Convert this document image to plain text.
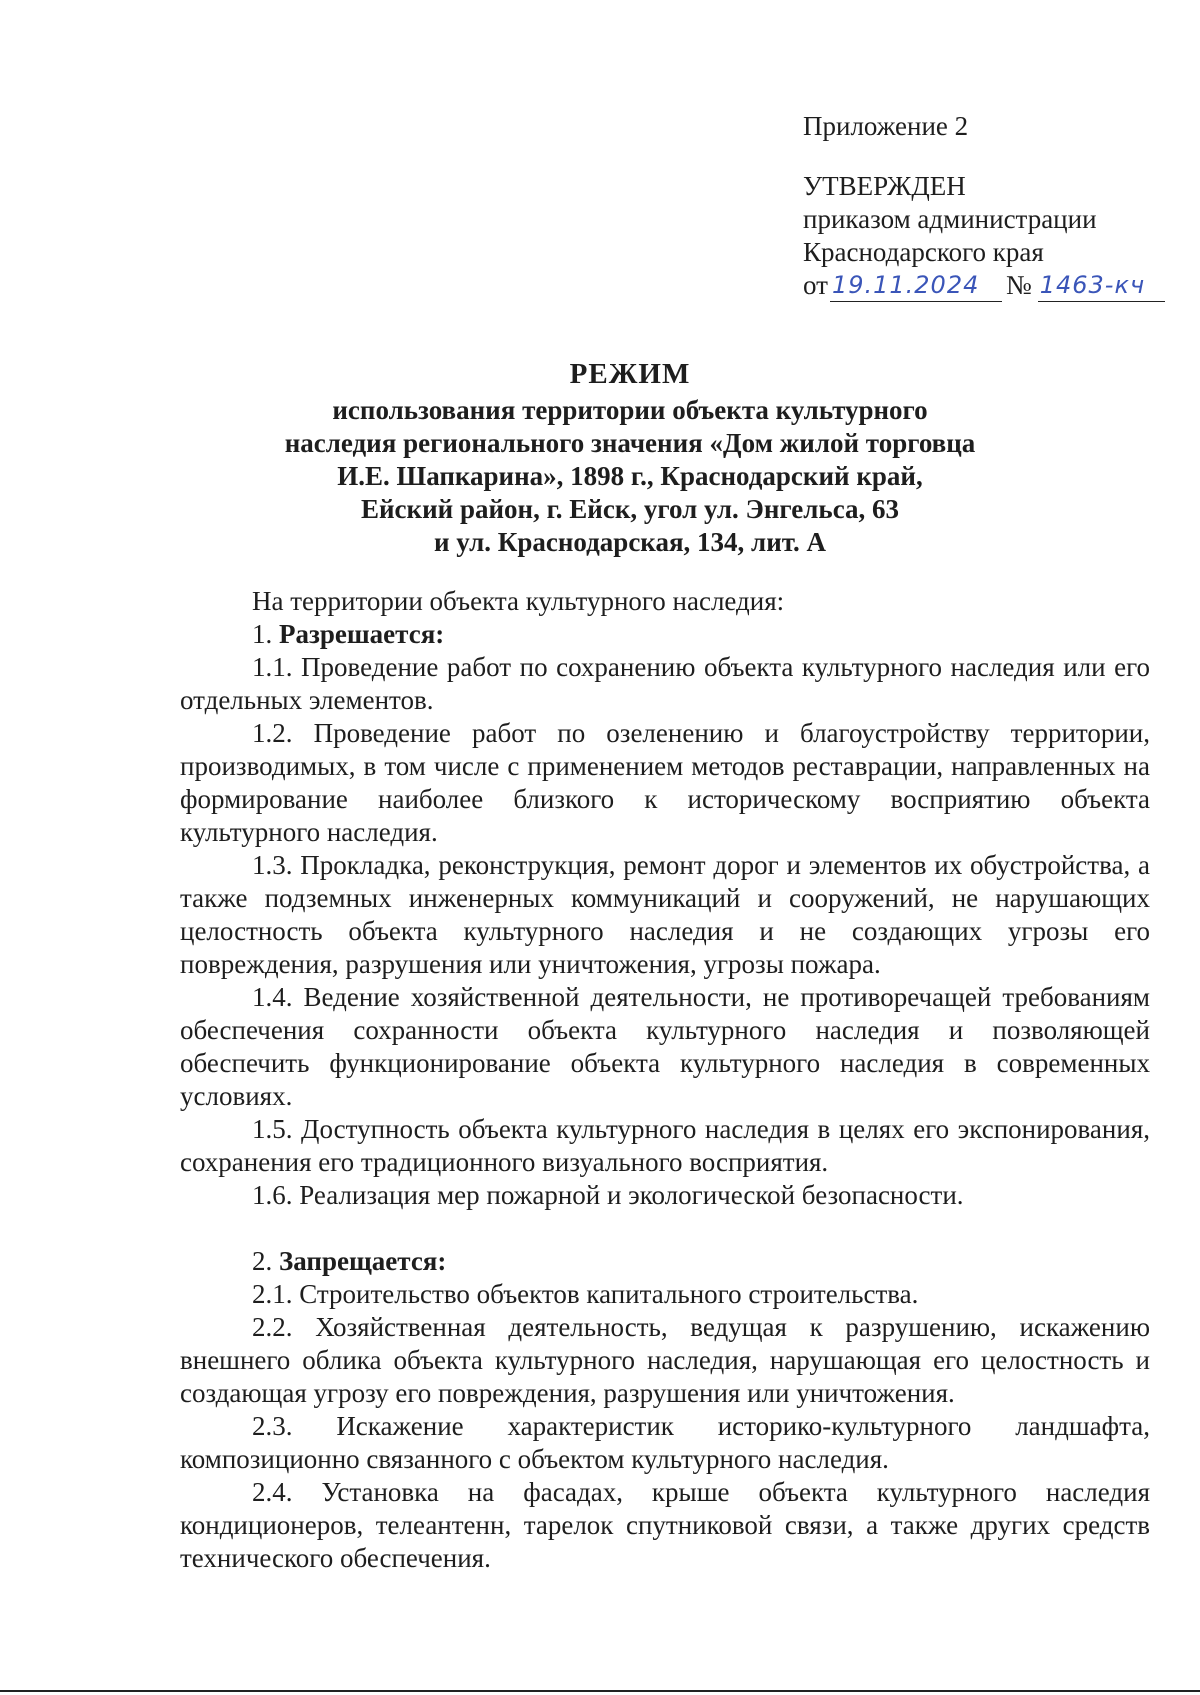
Приложение 2
УТВЕРЖДЕН
приказом администрации
Краснодарского края
от 19.11.2024 № 1463-кч
РЕЖИМ
использования территории объекта культурного
наследия регионального значения «Дом жилой торговца
И.Е. Шапкарина», 1898 г., Краснодарский край,
Ейский район, г. Ейск, угол ул. Энгельса, 63
и ул. Краснодарская, 134, лит. А

На территории объекта культурного наследия:

1. Разрешается:

1.1. Проведение работ по сохранению объекта культурного наследия или его отдельных элементов.

1.2. Проведение работ по озеленению и благоустройству территории, производимых, в том числе с применением методов реставрации, направленных на формирование наиболее близкого к историческому восприятию объекта культурного наследия.

1.3. Прокладка, реконструкция, ремонт дорог и элементов их обустройства, а также подземных инженерных коммуникаций и сооружений, не нарушающих целостность объекта культурного наследия и не создающих угрозы его повреждения, разрушения или уничтожения, угрозы пожара.

1.4. Ведение хозяйственной деятельности, не противоречащей требованиям обеспечения сохранности объекта культурного наследия и позволяющей обеспечить функционирование объекта культурного наследия в современных условиях.

1.5. Доступность объекта культурного наследия в целях его экспонирования, сохранения его традиционного визуального восприятия.

1.6. Реализация мер пожарной и экологической безопасности.

2. Запрещается:

2.1. Строительство объектов капитального строительства.

2.2. Хозяйственная деятельность, ведущая к разрушению, искажению внешнего облика объекта культурного наследия, нарушающая его целостность и создающая угрозу его повреждения, разрушения или уничтожения.

2.3. Искажение характеристик историко-культурного ландшафта, композиционно связанного с объектом культурного наследия.

2.4. Установка на фасадах, крыше объекта культурного наследия кондиционеров, телеантенн, тарелок спутниковой связи, а также других средств технического обеспечения.
